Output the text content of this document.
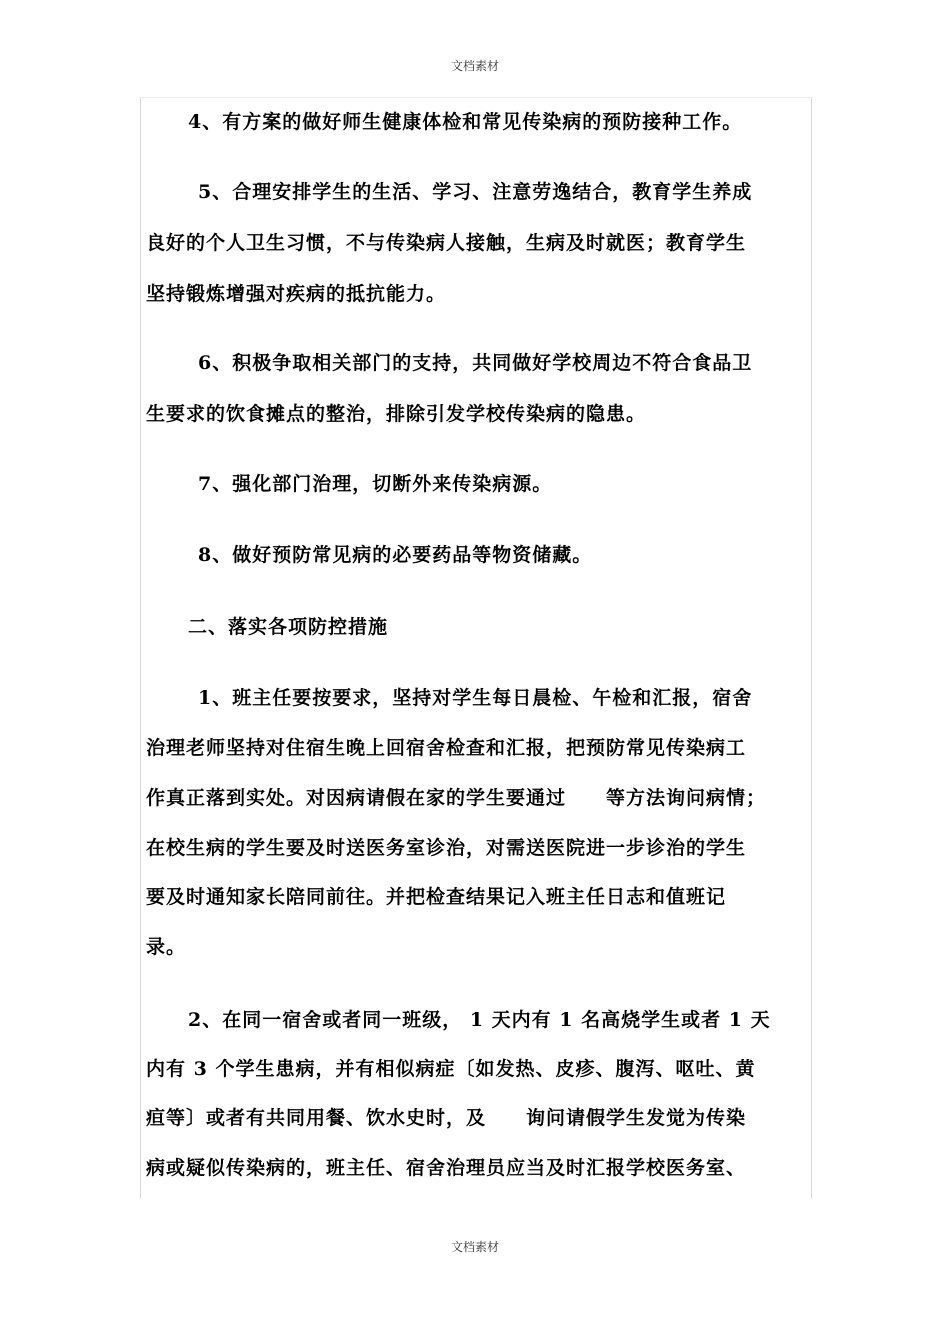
文档素材
4、有方案的做好师生健康体检和常见传染病的预防接种工作。
5、合理安排学生的生活、学习、注意劳逸结合，教育学生养成
良好的个人卫生习惯，不与传染病人接触，生病及时就医；教育学生
坚持锻炼增强对疾病的抵抗能力。
6、积极争取相关部门的支持，共同做好学校周边不符合食品卫
生要求的饮食摊点的整治，排除引发学校传染病的隐患。
7、强化部门治理，切断外来传染病源。
8、做好预防常见病的必要药品等物资储藏。
二、落实各项防控措施
1、班主任要按要求，坚持对学生每日晨检、午检和汇报，宿舍
治理老师坚持对住宿生晚上回宿舍检查和汇报，把预防常见传染病工
作真正落到实处。对因病请假在家的学生要通过　　等方法询问病情；
在校生病的学生要及时送医务室诊治，对需送医院进一步诊治的学生
要及时通知家长陪同前往。并把检查结果记入班主任日志和值班记
录。
2、在同一宿舍或者同一班级， 1 天内有 1 名高烧学生或者 1 天
内有 3 个学生患病，并有相似病症〔如发热、皮疹、腹泻、呕吐、黄
疸等〕或者有共同用餐、饮水史时，及　　询问请假学生发觉为传染
病或疑似传染病的，班主任、宿舍治理员应当及时汇报学校医务室、
文档素材
